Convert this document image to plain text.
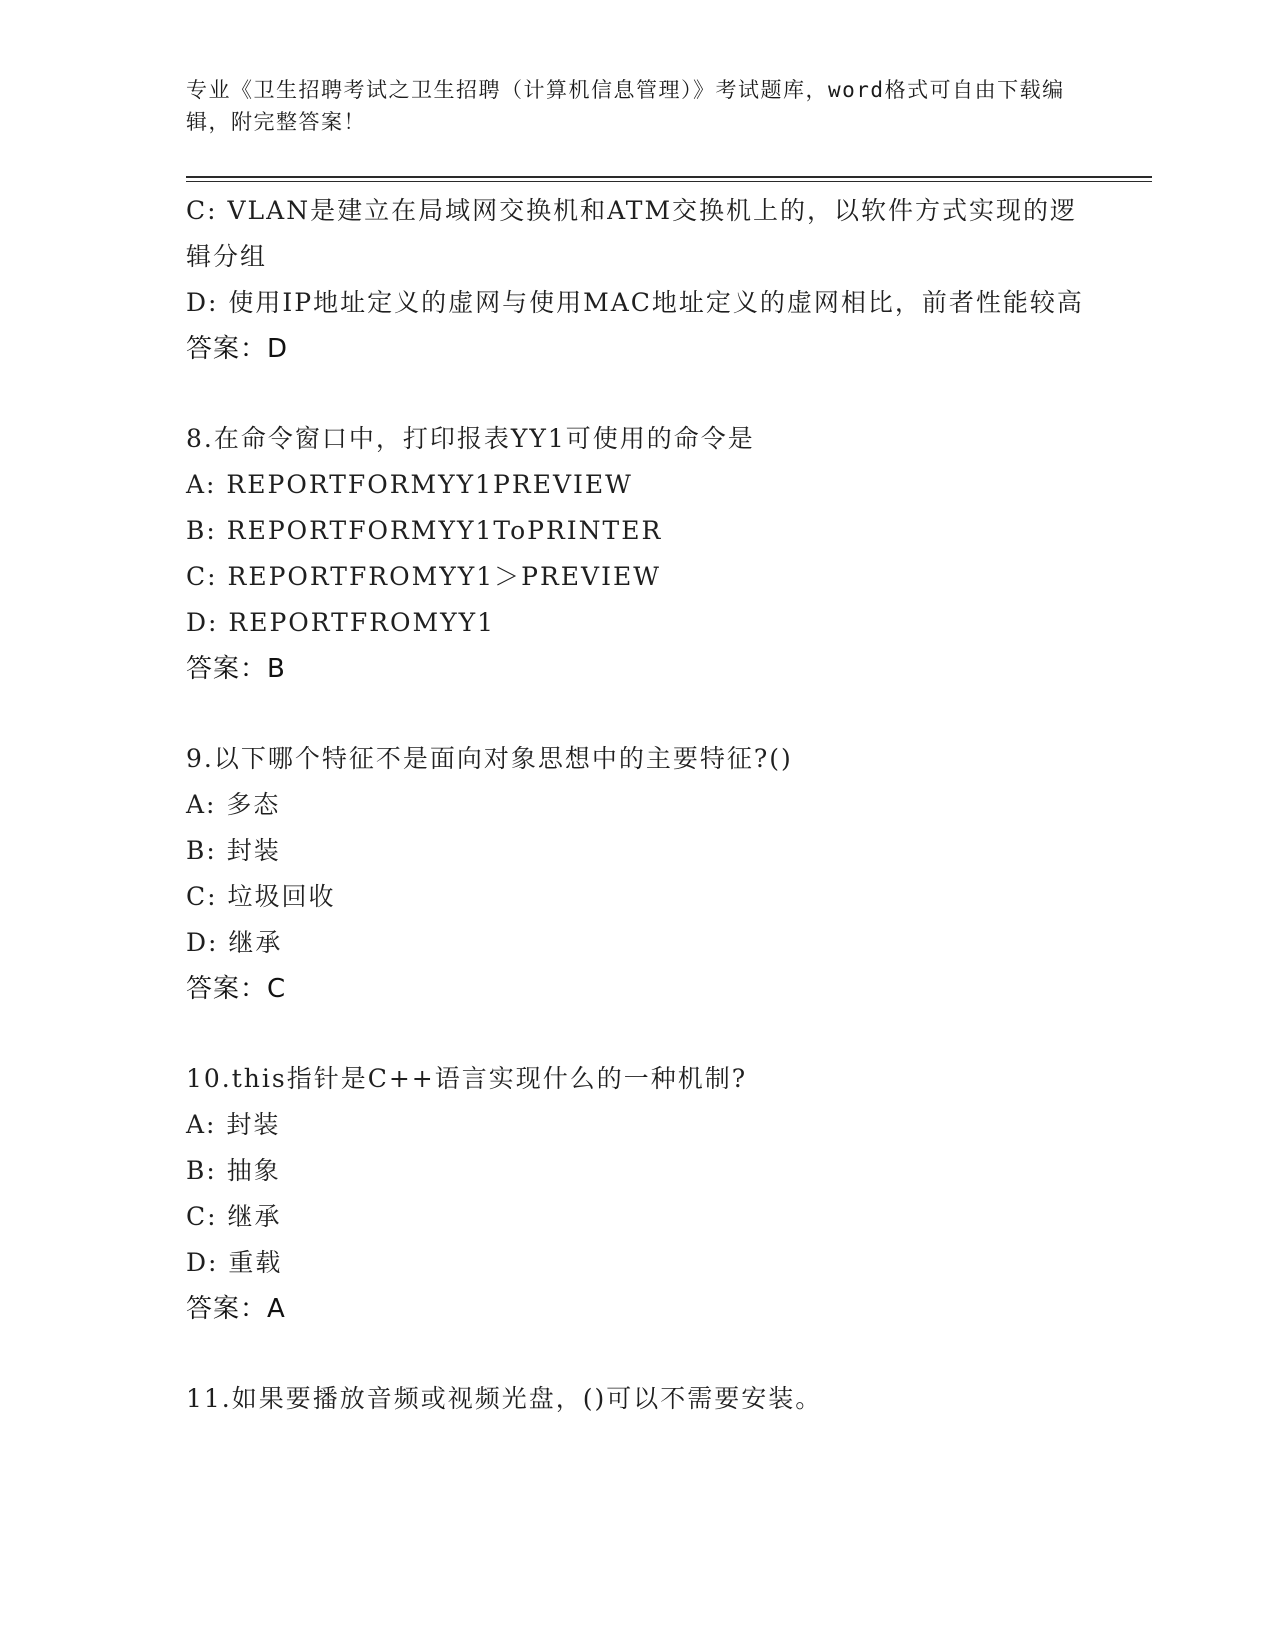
专业《卫生招聘考试之卫生招聘（计算机信息管理）》考试题库，word格式可自由下载编辑，附完整答案！

C: VLAN是建立在局域网交换机和ATM交换机上的，以软件方式实现的逻辑分组

D: 使用IP地址定义的虚网与使用MAC地址定义的虚网相比，前者性能较高

答案：D

8.在命令窗口中，打印报表YY1可使用的命令是

A: REPORTFORMYY1PREVIEW

B: REPORTFORMYY1ToPRINTER

C: REPORTFROMYY1＞PREVIEW

D: REPORTFROMYY1

答案：B

9.以下哪个特征不是面向对象思想中的主要特征?()

A: 多态

B: 封装

C: 垃圾回收

D: 继承

答案：C

10.this指针是C++语言实现什么的一种机制?

A: 封装

B: 抽象

C: 继承

D: 重载

答案：A

11.如果要播放音频或视频光盘，()可以不需要安装。
